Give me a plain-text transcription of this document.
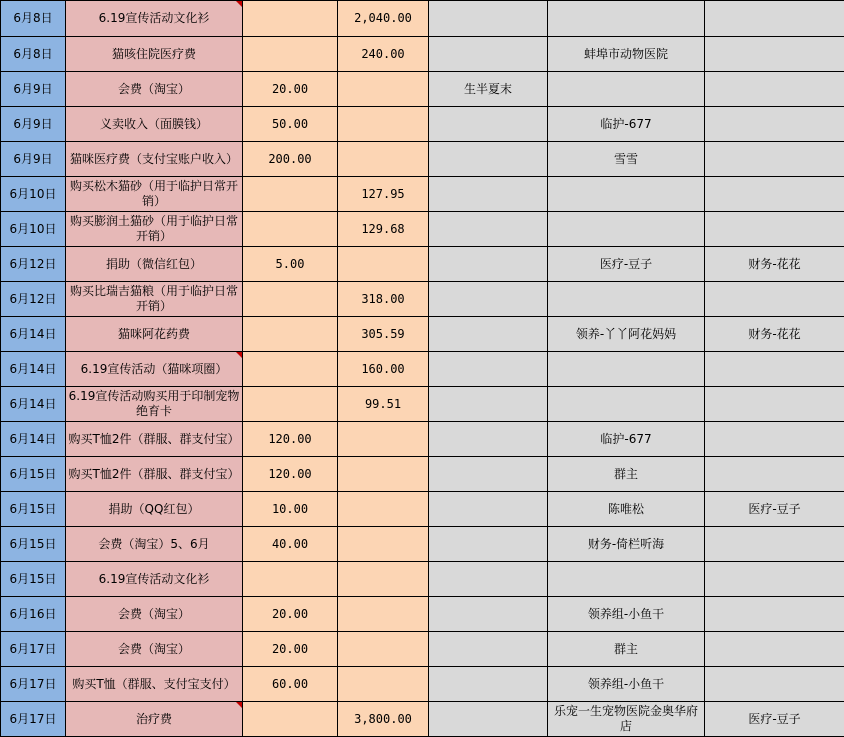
6月8日	6.19宣传活动文化衫		2,040.00			
6月8日	猫咳住院医疗费		240.00		蚌埠市动物医院	
6月9日	会费（淘宝）	20.00		生半夏末		
6月9日	义卖收入（面膜钱）	50.00			临护-677	
6月9日	猫咪医疗费（支付宝账户收入）	200.00			雪雪	
6月10日	购买松木猫砂（用于临护日常开销）		127.95			
6月10日	购买膨润土猫砂（用于临护日常开销）		129.68			
6月12日	捐助（微信红包）	5.00			医疗-豆子	财务-花花
6月12日	购买比瑞吉猫粮（用于临护日常开销）		318.00			
6月14日	猫咪阿花药费		305.59		领养-丫丫阿花妈妈	财务-花花
6月14日	6.19宣传活动（猫咪项圈）		160.00			
6月14日	6.19宣传活动购买用于印制宠物绝育卡		99.51			
6月14日	购买T恤2件（群服、群支付宝）	120.00			临护-677	
6月15日	购买T恤2件（群服、群支付宝）	120.00			群主	
6月15日	捐助（QQ红包）	10.00			陈唯松	医疗-豆子
6月15日	会费（淘宝）5、6月	40.00			财务-倚栏听海	
6月15日	6.19宣传活动文化衫					
6月16日	会费（淘宝）	20.00			领养组-小鱼干	
6月17日	会费（淘宝）	20.00			群主	
6月17日	购买T恤（群服、支付宝支付）	60.00			领养组-小鱼干	
6月17日	治疗费		3,800.00		乐宠一生宠物医院金奥华府店	医疗-豆子
